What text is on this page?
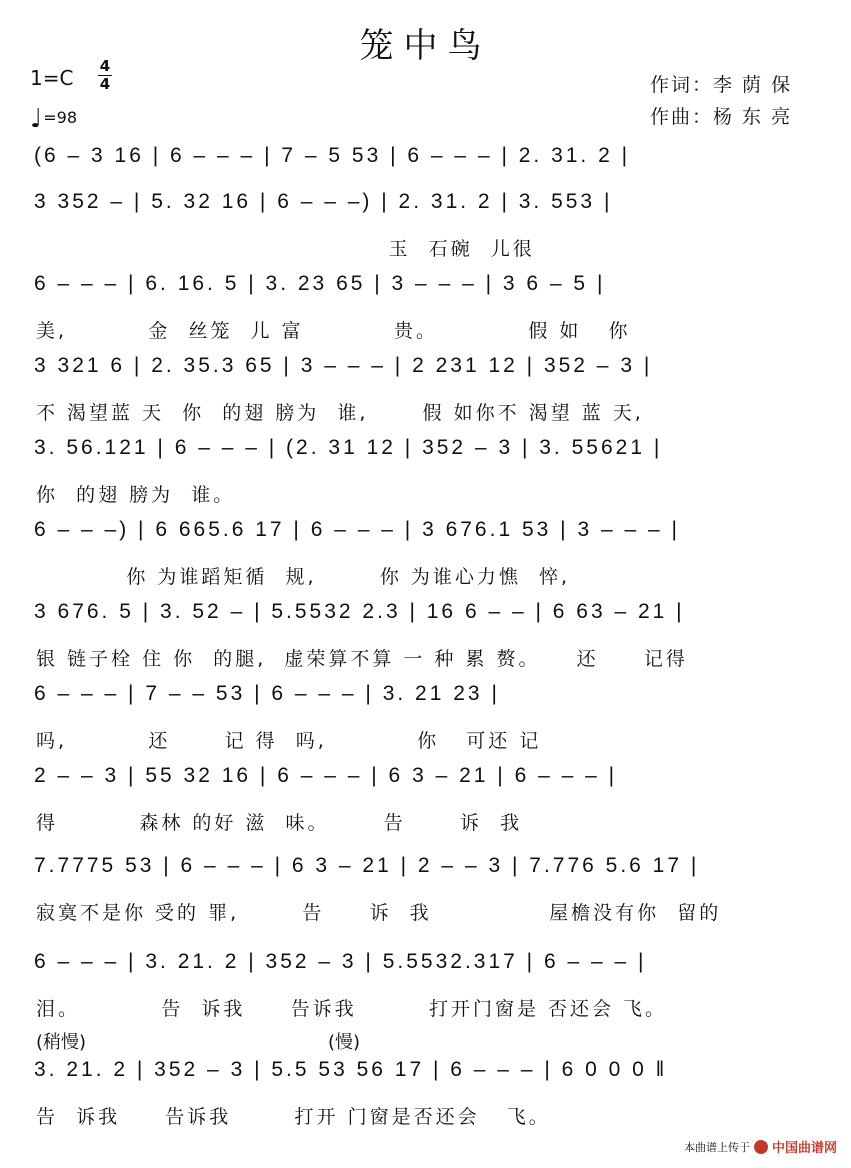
笼中鸟
1=C 4
4
♩=98
作词：李 荫 保
作曲：杨 东 亮
(6 – 3 16 | 6 – – – | 7 – 5 53 | 6 – – – | 2. 31. 2 |
3 352 – | 5. 32 16 | 6 – – –) | 2. 31. 2 | 3. 553 |
玉  石碗  儿很
6 – – – | 6. 16. 5 | 3. 23 65 | 3 – – – | 3 6 – 5 |
美,         金  丝笼  儿 富          贵。          假 如   你
3 321 6 | 2. 35.3 65 | 3 – – – | 2 231 12 | 352 – 3 |
不 渴望蓝 天  你  的翅 膀为  谁,      假 如你不 渴望 蓝 天,
3. 56.121 | 6 – – – | (2. 31 12 | 352 – 3 | 3. 55621 |
你  的翅 膀为  谁。
6 – – –) | 6 665.6 17 | 6 – – – | 3 676.1 53 | 3 – – – |
你 为谁蹈矩循  规,       你 为谁心力憔  悴,
3 676. 5 | 3. 52 – | 5.5532 2.3 | 16 6 – – | 6 63 – 21 |
银 链子栓 住 你  的腿,  虚荣算不算 一 种 累 赘。    还     记得
6 – – – | 7 – – 53 | 6 – – – | 3. 21 23 |
吗,         还      记 得  吗,          你   可还 记
2 – – 3 | 55 32 16 | 6 – – – | 6 3 – 21 | 6 – – – |
得         森林 的好 滋  味。      告      诉  我
7.7775 53 | 6 – – – | 6 3 – 21 | 2 – – 3 | 7.776 5.6 17 |
寂寞不是你 受的 罪,       告     诉  我             屋檐没有你  留的
6 – – – | 3. 21. 2 | 352 – 3 | 5.5532.317 | 6 – – – |
泪。         告  诉我     告诉我        打开门窗是 否还会 飞。
(稍慢)	(慢)
3. 21. 2 | 352 – 3 | 5.5 53 56 17 | 6 – – – | 6 0 0 0 ‖
告  诉我     告诉我       打开 门窗是否还会   飞。
本曲谱上传于 中国曲谱网
